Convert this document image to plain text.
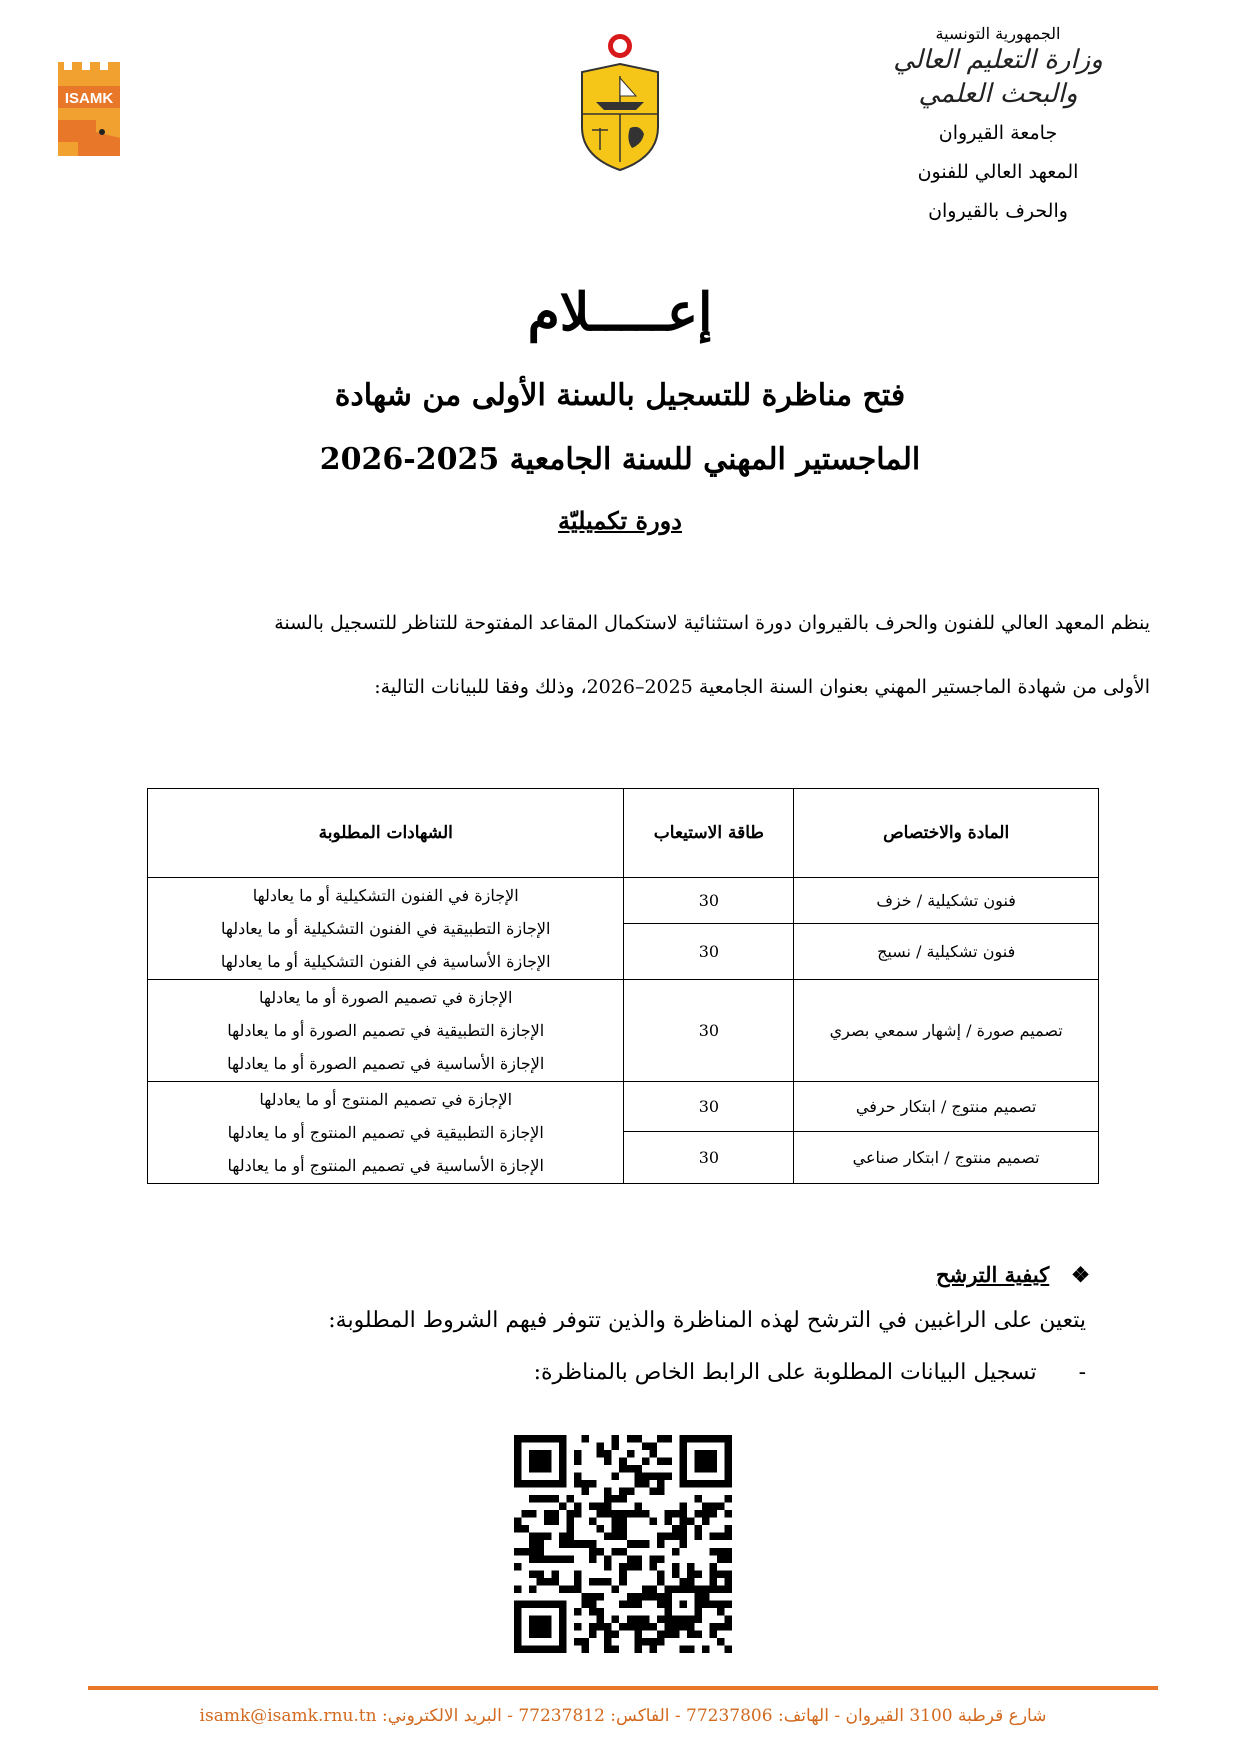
ISAMK
الجمهورية التونسية
وزارة التعليم العالي
والبحث العلمي
جامعة القيروان
المعهد العالي للفنون
والحرف بالقيروان
إعـــــلام
فتح مناظرة للتسجيل بالسنة الأولى من شهادة
الماجستير المهني للسنة الجامعية 2025-2026
دورة تكميليّة
ينظم المعهد العالي للفنون والحرف بالقيروان دورة استثنائية لاستكمال المقاعد المفتوحة للتناظر للتسجيل بالسنة
الأولى من شهادة الماجستير المهني بعنوان السنة الجامعية 2025–2026، وذلك وفقا للبيانات التالية:
المادة والاختصاص	طاقة الاستيعاب	الشهادات المطلوبة
فنون تشكيلية / خزف	30	الإجازة في الفنون التشكيلية أو ما يعادلها
الإجازة التطبيقية في الفنون التشكيلية أو ما يعادلها
الإجازة الأساسية في الفنون التشكيلية أو ما يعادلها

فنون تشكيلية / نسيج	30	
تصميم صورة / إشهار سمعي بصري	30	الإجازة في تصميم الصورة أو ما يعادلها
الإجازة التطبيقية في تصميم الصورة أو ما يعادلها
الإجازة الأساسية في تصميم الصورة أو ما يعادلها

تصميم منتوج / ابتكار حرفي	30	الإجازة في تصميم المنتوج أو ما يعادلها
الإجازة التطبيقية في تصميم المنتوج أو ما يعادلها
الإجازة الأساسية في تصميم المنتوج أو ما يعادلها

تصميم منتوج / ابتكار صناعي	30	
❖   كيفية الترشح
يتعين على الراغبين في الترشح لهذه المناظرة والذين تتوفر فيهم الشروط المطلوبة:
-      تسجيل البيانات المطلوبة على الرابط الخاص بالمناظرة:
شارع قرطبة 3100 القيروان - الهاتف: 77237806 - الفاكس: 77237812 - البريد الالكتروني: isamk@isamk.rnu.tn
